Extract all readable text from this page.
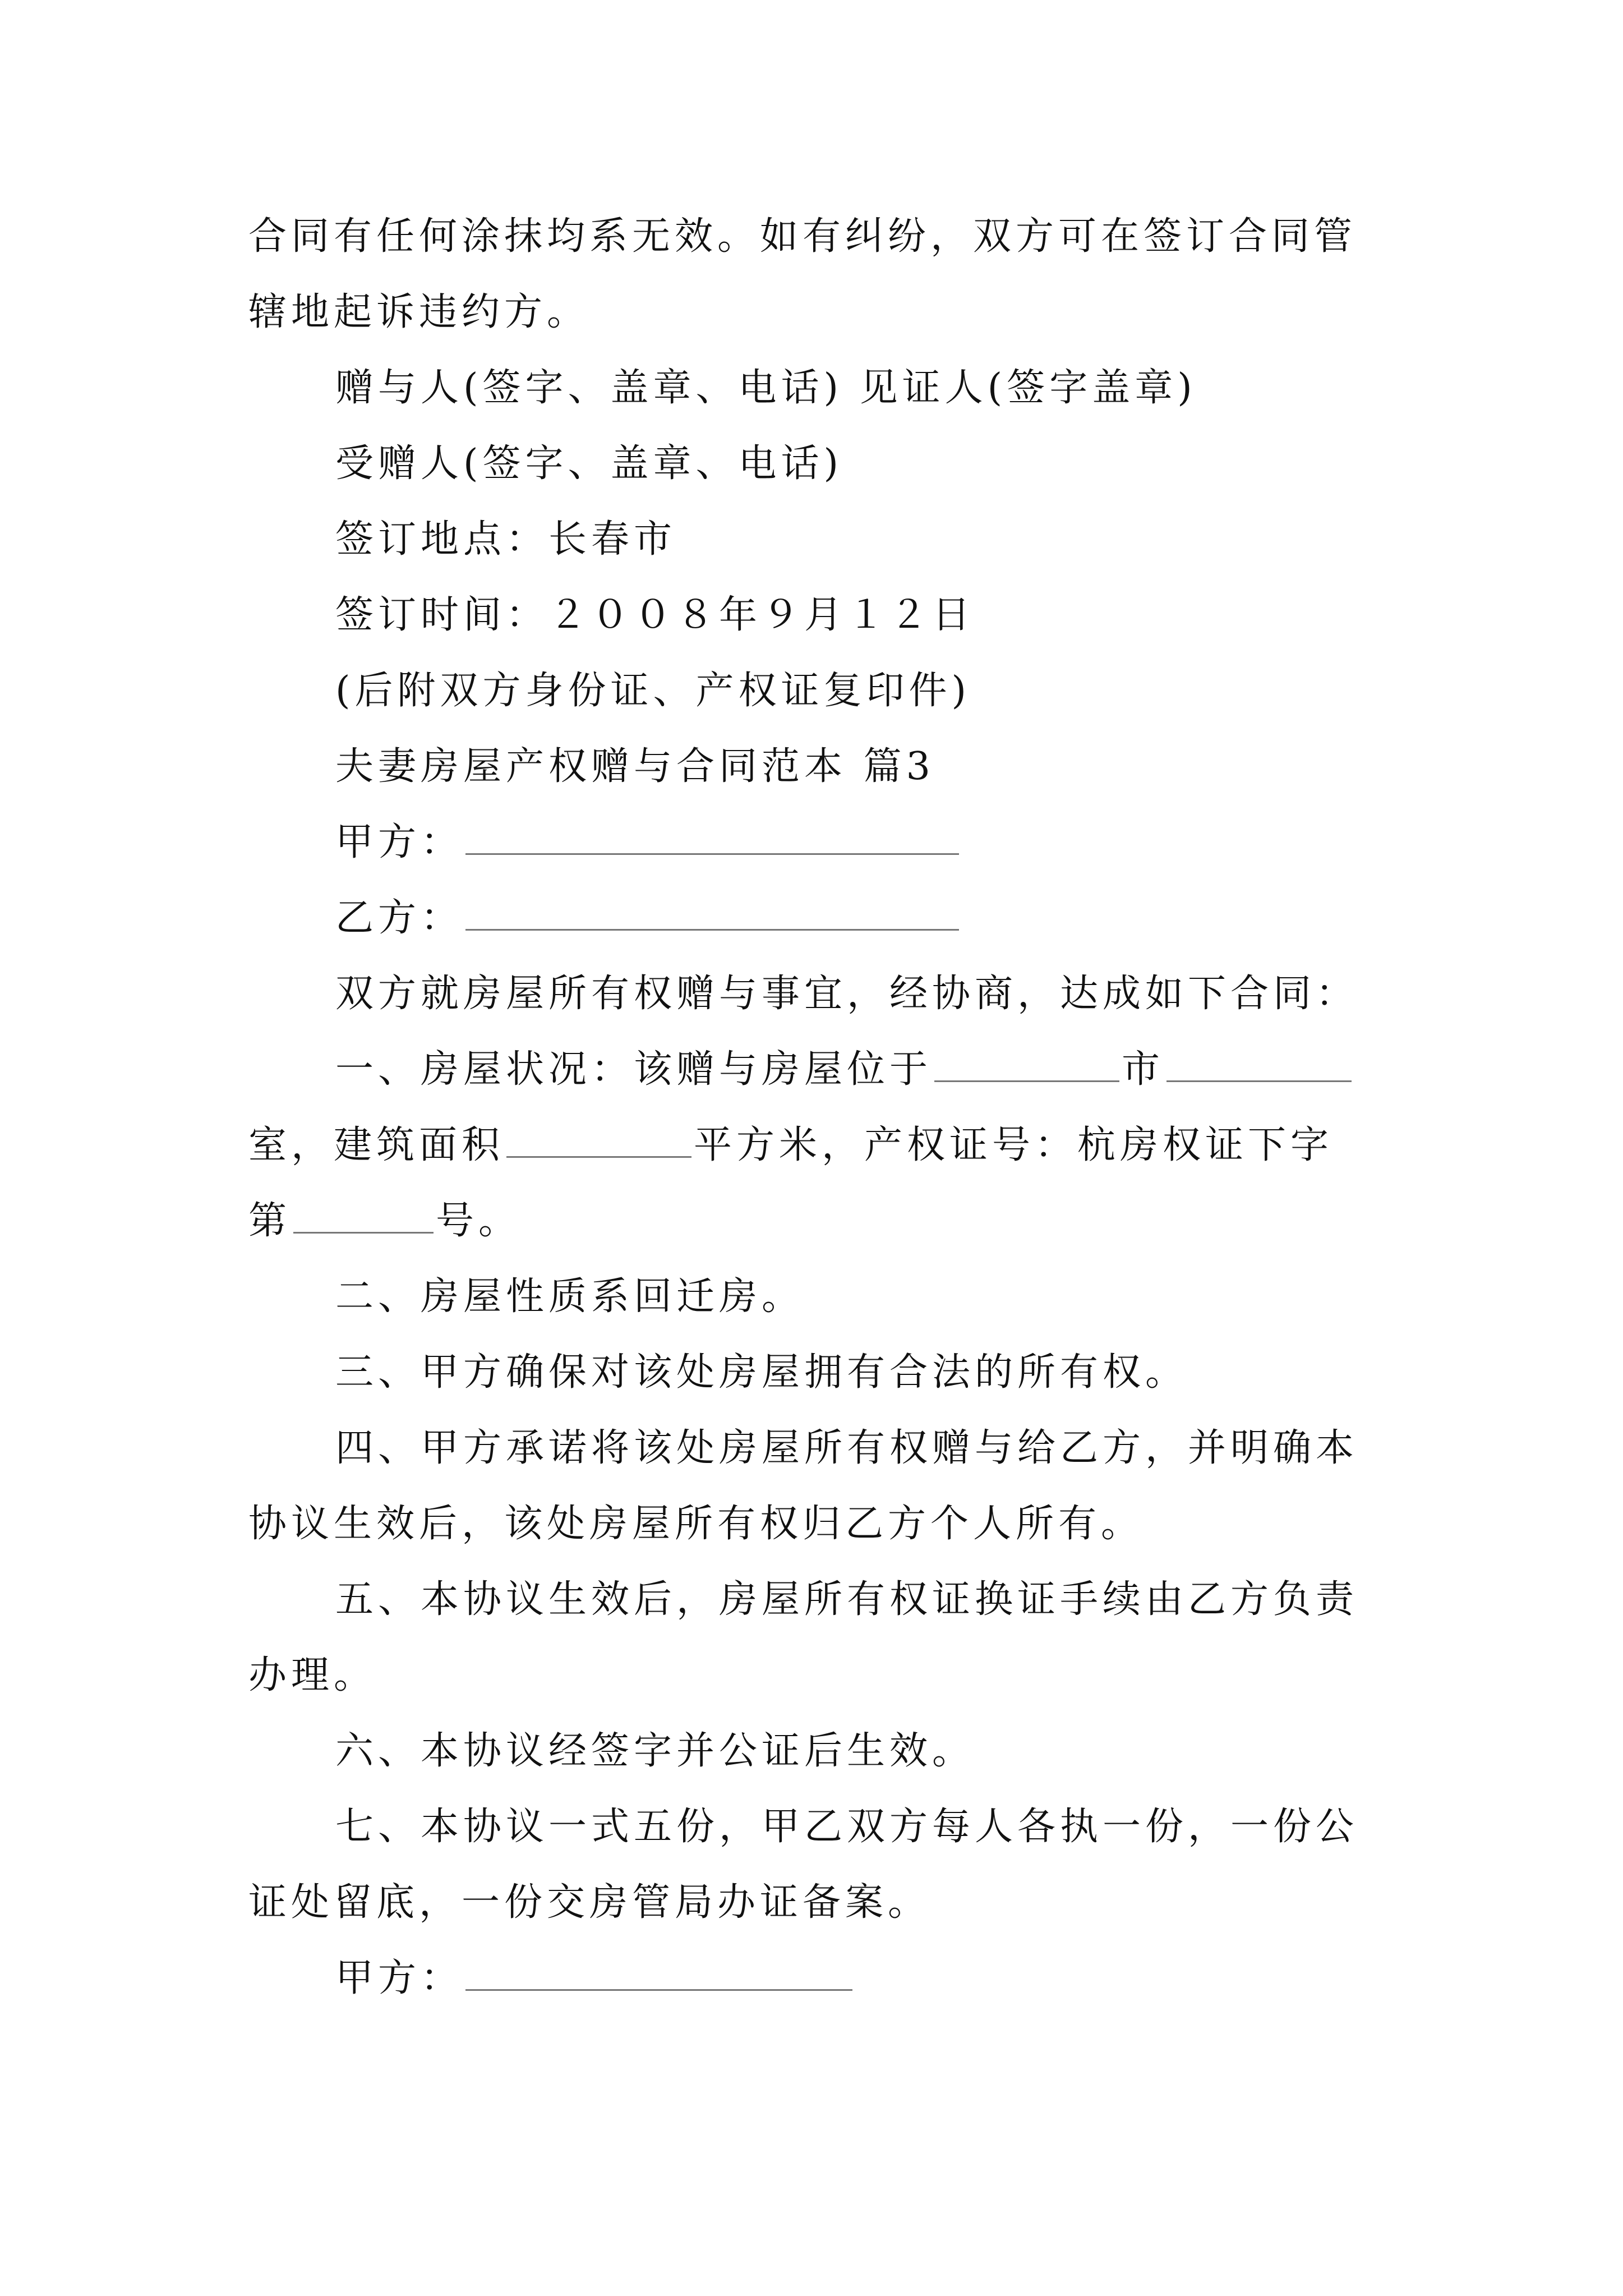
合同有任何涂抹均系无效。如有纠纷，双方可在签订合同管
辖地起诉违约方。
赠与人(签字、盖章、电话) 见证人(签字盖章)
受赠人(签字、盖章、电话)
签订地点：长春市
签订时间：２００８年９月１２日
(后附双方身份证、产权证复印件)
夫妻房屋产权赠与合同范本 篇3
甲方：
乙方：
双方就房屋所有权赠与事宜，经协商，达成如下合同：
一、房屋状况：该赠与房屋位于	市
室，建筑面积	平方米，产权证号：杭房权证下字
第	号。
二、房屋性质系回迁房。
三、甲方确保对该处房屋拥有合法的所有权。
四、甲方承诺将该处房屋所有权赠与给乙方，并明确本
协议生效后，该处房屋所有权归乙方个人所有。
五、本协议生效后，房屋所有权证换证手续由乙方负责
办理。
六、本协议经签字并公证后生效。
七、本协议一式五份，甲乙双方每人各执一份，一份公
证处留底，一份交房管局办证备案。
甲方：
